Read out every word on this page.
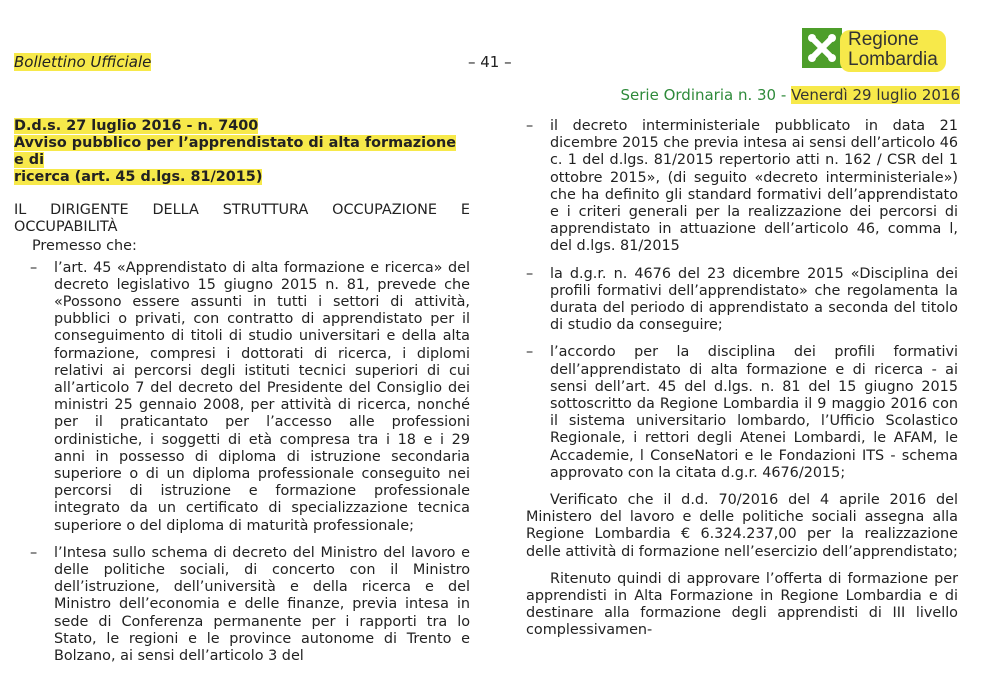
Bollettino Ufficiale	– 41 –
Regione
Lombardia
Serie Ordinaria n. 30 - Venerdì 29 luglio 2016

D.d.s. 27 luglio 2016 - n. 7400
Avviso pubblico per l’apprendistato di alta formazione e di
ricerca (art. 45 d.lgs. 81/2015)

IL DIRIGENTE DELLA STRUTTURA OCCUPAZIONE E OCCUPABILITÀ

Premesso che:

– l’art. 45 «Apprendistato di alta formazione e ricerca» del decreto legislativo 15 giugno 2015 n. 81, prevede che «Possono essere assunti in tutti i settori di attività, pubblici o privati, con contratto di apprendistato per il conseguimento di titoli di studio universitari e della alta formazione, compresi i dottorati di ricerca, i diplomi relativi ai percorsi degli istituti tecnici superiori di cui all’articolo 7 del decreto del Presidente del Consiglio dei ministri 25 gennaio 2008, per attività di ricerca, nonché per il praticantato per l’accesso alle professioni ordinistiche, i soggetti di età compresa tra i 18 e i 29 anni in possesso di diploma di istruzione secondaria superiore o di un diploma professionale conseguito nei percorsi di istruzione e formazione professionale integrato da un certificato di specializzazione tecnica superiore o del diploma di maturità professionale;
– l’Intesa sullo schema di decreto del Ministro del lavoro e delle politiche sociali, di concerto con il Ministro dell’istruzione, dell’università e della ricerca e del Ministro dell’economia e delle finanze, previa intesa in sede di Conferenza permanente per i rapporti tra lo Stato, le regioni e le province autonome di Trento e Bolzano, ai sensi dell’articolo 3 del
– il decreto interministeriale pubblicato in data 21 dicembre 2015 che previa intesa ai sensi dell’articolo 46 c. 1 del d.lgs. 81/2015 repertorio atti n. 162 / CSR del 1 ottobre 2015», (di seguito «decreto interministeriale») che ha definito gli standard formativi dell’apprendistato e i criteri generali per la realizzazione dei percorsi di apprendistato in attuazione dell’articolo 46, comma l, del d.lgs. 81/2015
– la d.g.r. n. 4676 del 23 dicembre 2015 «Disciplina dei profili formativi dell’apprendistato» che regolamenta la durata del periodo di apprendistato a seconda del titolo di studio da conseguire;
– l’accordo per la disciplina dei profili formativi dell’apprendistato di alta formazione e di ricerca - ai sensi dell’art. 45 del d.lgs. n. 81 del 15 giugno 2015 sottoscritto da Regione Lombardia il 9 maggio 2016 con il sistema universitario lombardo, l’Ufficio Scolastico Regionale, i rettori degli Atenei Lombardi, le AFAM, le Accademie, l ConseNatori e le Fondazioni ITS - schema approvato con la citata d.g.r. 4676/2015;

Verificato che il d.d. 70/2016 del 4 aprile 2016 del Ministero del lavoro e delle politiche sociali assegna alla Regione Lombardia € 6.324.237,00 per la realizzazione delle attività di formazione nell’esercizio dell’apprendistato;

Ritenuto quindi di approvare l’offerta di formazione per apprendisti in Alta Formazione in Regione Lombardia e di destinare alla formazione degli apprendisti di III livello complessivamen-
